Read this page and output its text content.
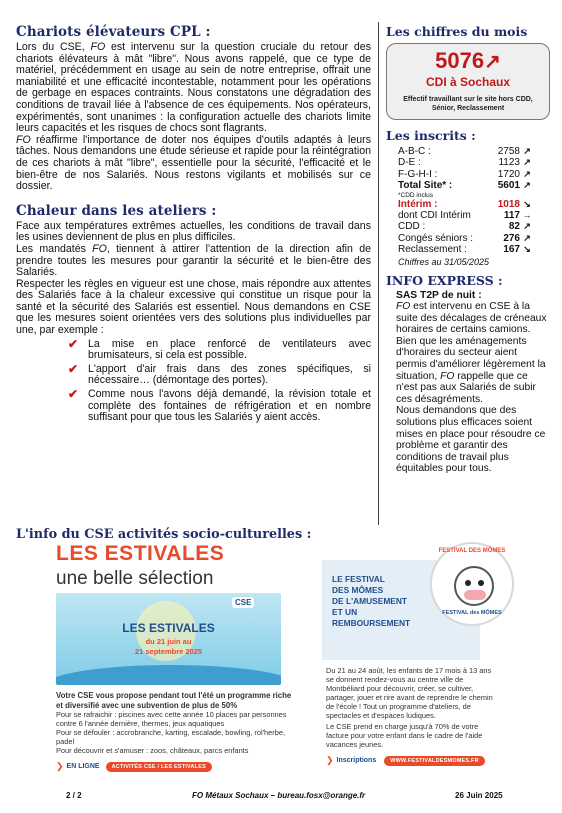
Chariots élévateurs CPL :

Lors du CSE, FO est intervenu sur la question cruciale du retour des chariots élévateurs à mât "libre". Nous avons rappelé, que ce type de matériel, précédemment en usage au sein de notre entreprise, offrait une maniabilité et une efficacité incontestable, notamment pour les opérations de gerbage en espaces contraints. Nous constatons une dégradation des conditions de travail liée à l'absence de ces équipements. Nos opérateurs, expérimentés, sont unanimes : la configuration actuelle des chariots limite leurs capacités et les risques de chocs sont flagrants.

FO réaffirme l'importance de doter nos équipes d'outils adaptés à leurs tâches. Nous demandons une étude sérieuse et rapide pour la réintégration de ces chariots à mât "libre", essentielle pour la sécurité, l'efficacité et le bien-être de nos Salariés. Nous restons vigilants et mobilisés sur ce dossier.

Chaleur dans les ateliers :

Face aux températures extrêmes actuelles, les conditions de travail dans les usines deviennent de plus en plus difficiles.

Les mandatés FO, tiennent à attirer l'attention de la direction afin de prendre toutes les mesures pour garantir la sécurité et le bien-être des Salariés.

Respecter les règles en vigueur est une chose, mais répondre aux attentes des Salariés face à la chaleur excessive qui constitue un risque pour la santé et la sécurité des Salariés est essentiel. Nous demandons en CSE que les mesures soient orientées vers des solutions plus individuelles par une, par exemple :

✔ La mise en place renforcé de ventilateurs avec brumisateurs, si cela est possible.
✔ L'apport d'air frais dans des zones spécifiques, si nécessaire… (démontage des portes).
✔ Comme nous l'avons déjà demandé, la révision totale et complète des fontaines de réfrigération et en nombre suffisant pour que tous les Salariés y aient accès.
Les chiffres du mois
5076↗
CDI à Sochaux
Effectif travaillant sur le site hors CDD, Sénior, Reclassement
Les inscrits :
A-B-C :	2758 ↗
D-E :	1123 ↗
F-G-H-I :	1720 ↗
Total Site* :	5601 ↗
*CDD inclus
Intérim :	1018 ↘
dont CDI Intérim	117 →
CDD :	82 ↗
Congés séniors :	276 ↗
Reclassement :	167 ↘
Chiffres au 31/05/2025
INFO EXPRESS :
SAS T2P de nuit :
FO est intervenu en CSE à la suite des décalages de créneaux horaires de certains camions.
Bien que les aménagements d'horaires du secteur aient permis d'améliorer légèrement la situation, FO rappelle que ce n'est pas aux Salariés de subir ces désagréments.
Nous demandons que des solutions plus efficaces soient mises en place pour résoudre ce problème et garantir des conditions de travail plus équitables pour tous.
L'info du CSE activités socio-culturelles :
LES ESTIVALES
une belle sélection
CSE
LES ESTIVALES
du 21 juin au
21 septembre 2025
Votre CSE vous propose pendant tout l'été un programme riche et diversifié avec une subvention de plus de 50%
Pour se rafraichir : piscines avec cette année 10 places par personnes contre 6 l'année dernière, thermes, jeux aquatiques
Pour se défouler : accrobranche, karting, escalade, bowling, rol'herbe, padel
Pour découvrir et s'amuser : zoos, châteaux, parcs enfants
❯ EN LIGNE	ACTIVITÉS CSE / LES ESTIVALES
LE FESTIVAL
DES MÔMES
DE L'AMUSEMENT
ET UN
REMBOURSEMENT
FESTIVAL DES MÔMES
FESTIVAL des MÔMES
Du 21 au 24 août, les enfants de 17 mois à 13 ans se donnent rendez-vous au centre ville de Montbéliard pour découvrir, créer, se cultiver, partager, jouer et rire avant de reprendre le chemin de l'école ! Tout un programme d'ateliers, de spectacles et d'espaces ludiques.
Le CSE prend en charge jusqu'à 70% de votre facture pour votre enfant dans le cadre de l'aide vacances jeunes.
❯ Inscriptions	WWW.FESTIVALDESMOMES.FR
2 / 2	FO Métaux Sochaux – bureau.fosx@orange.fr	26 Juin 2025
